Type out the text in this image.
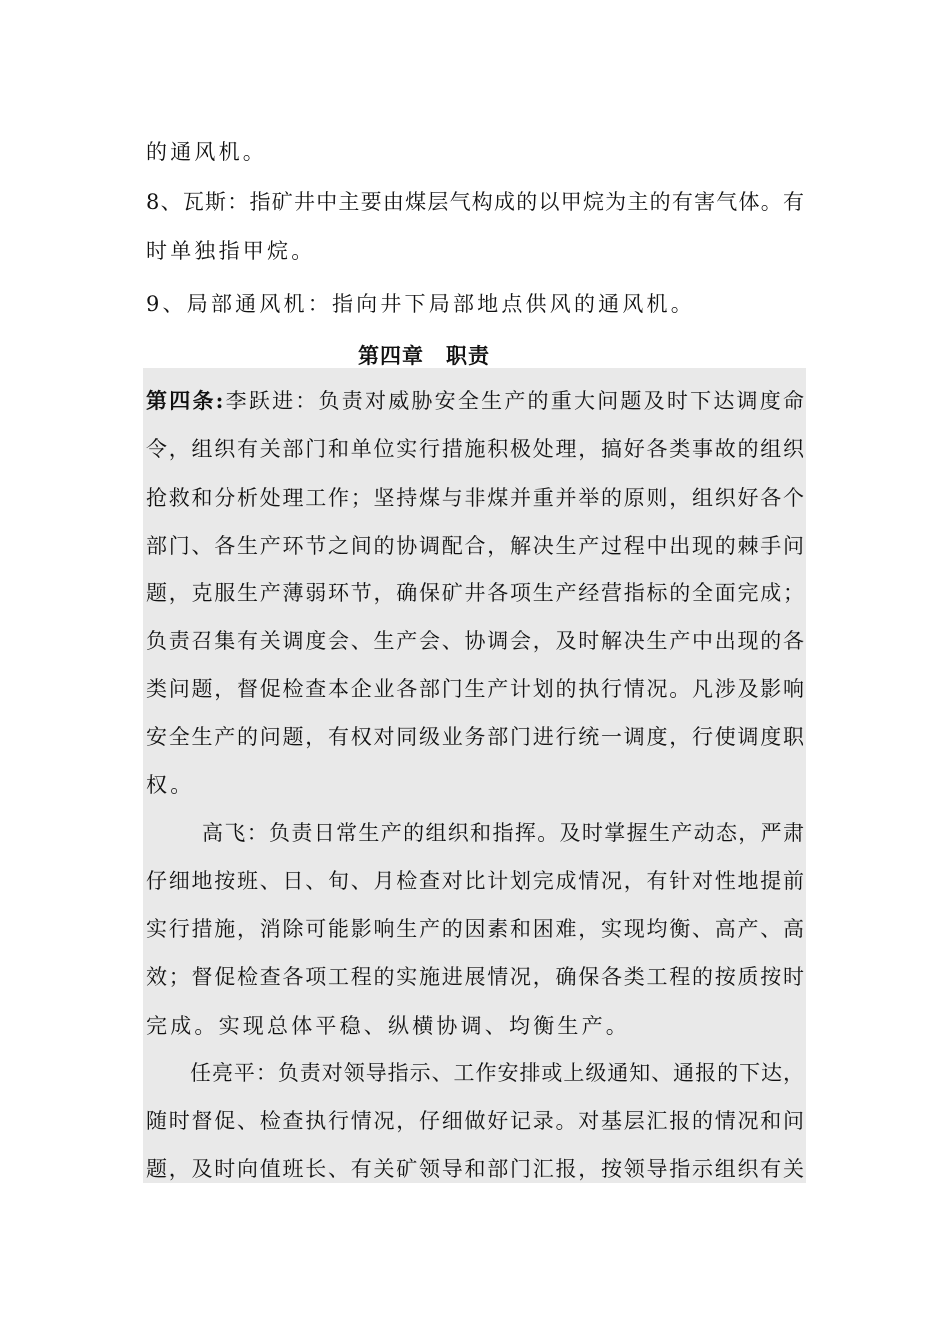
的通风机。
8、瓦斯：指矿井中主要由煤层气构成的以甲烷为主的有害气体。有
时单独指甲烷。
9、局部通风机：指向井下局部地点供风的通风机。
第四章　职责
第四条:李跃进：负责对威胁安全生产的重大问题及时下达调度命
令，组织有关部门和单位实行措施积极处理，搞好各类事故的组织
抢救和分析处理工作；坚持煤与非煤并重并举的原则，组织好各个
部门、各生产环节之间的协调配合，解决生产过程中出现的棘手问
题，克服生产薄弱环节，确保矿井各项生产经营指标的全面完成；
负责召集有关调度会、生产会、协调会，及时解决生产中出现的各
类问题，督促检查本企业各部门生产计划的执行情况。凡涉及影响
安全生产的问题，有权对同级业务部门进行统一调度，行使调度职
权。
高飞：负责日常生产的组织和指挥。及时掌握生产动态，严肃
仔细地按班、日、旬、月检查对比计划完成情况，有针对性地提前
实行措施，消除可能影响生产的因素和困难，实现均衡、高产、高
效；督促检查各项工程的实施进展情况，确保各类工程的按质按时
完成。实现总体平稳、纵横协调、均衡生产。
任亮平：负责对领导指示、工作安排或上级通知、通报的下达，
随时督促、检查执行情况，仔细做好记录。对基层汇报的情况和问
题，及时向值班长、有关矿领导和部门汇报，按领导指示组织有关
